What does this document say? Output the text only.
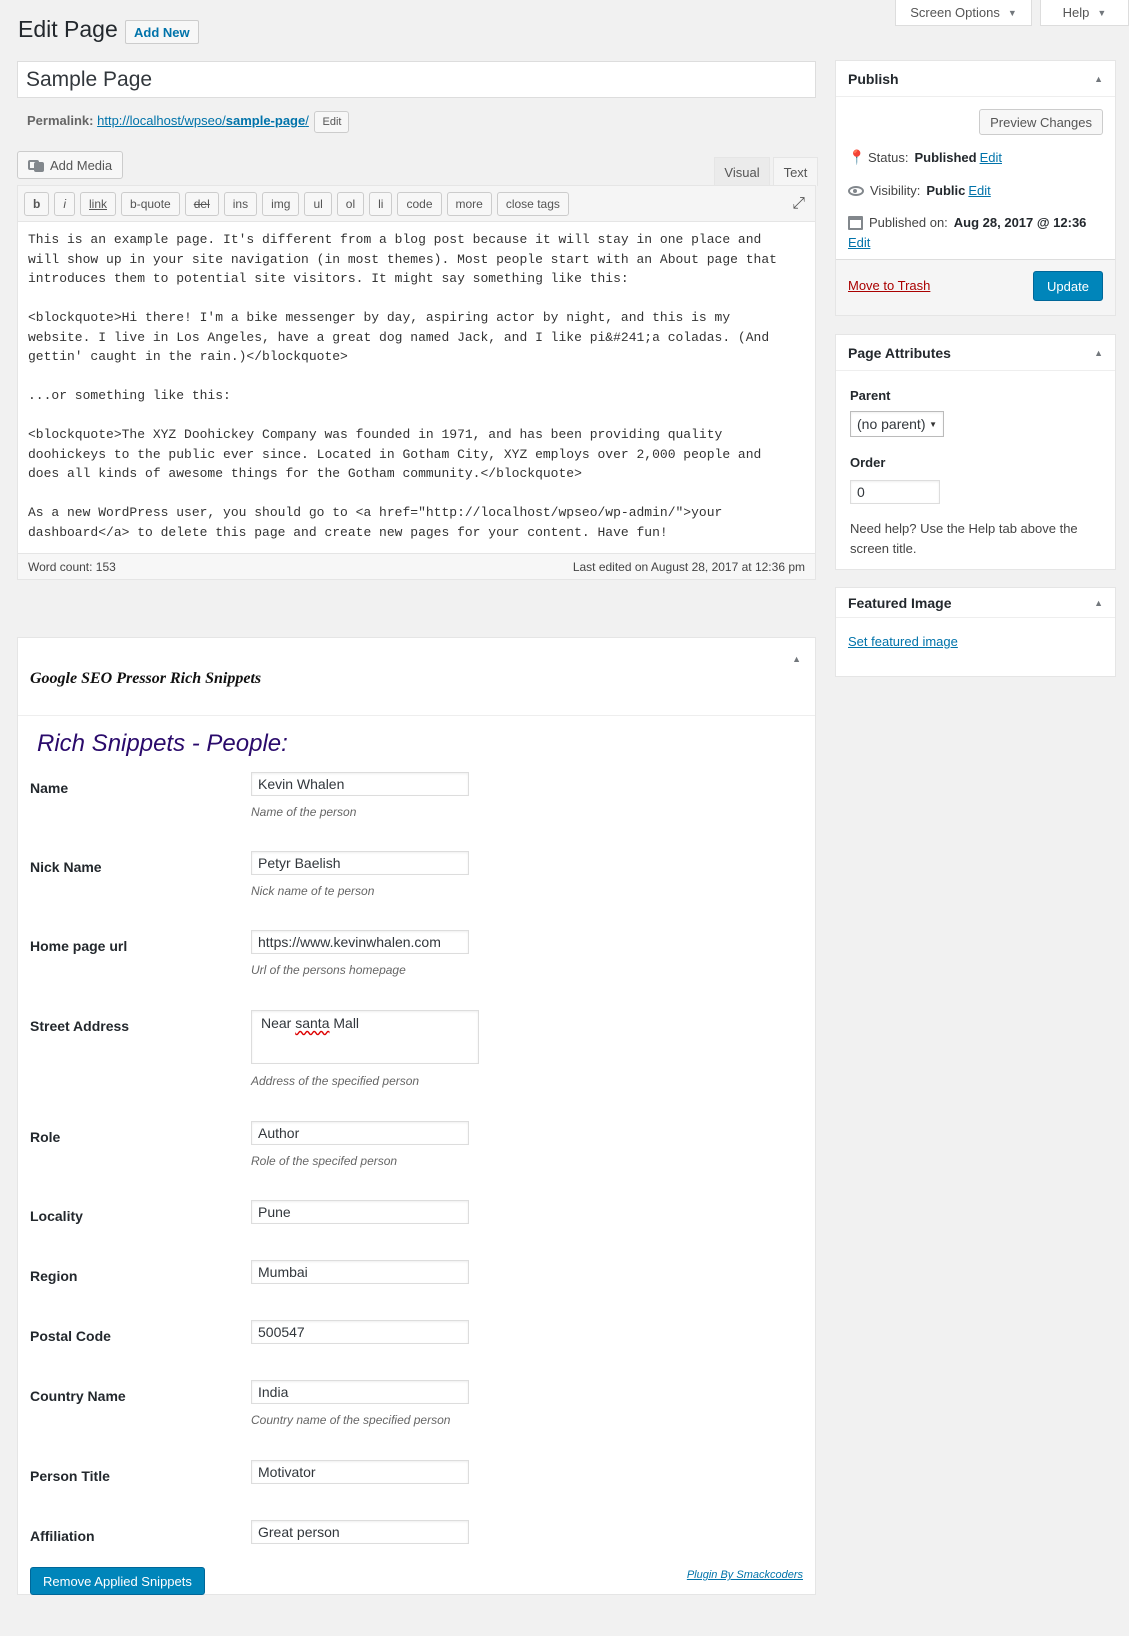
Screen Options ▼	Help ▼
Edit Page	Add New
Sample Page
Permalink: http://localhost/wpseo/sample-page/ Edit
Add Media	Visual	Text
b	i	link	b-quote	del	ins	img	ul	ol	li	code	more	close tags	⤢
This is an example page. It's different from a blog post because it will stay in one place and
will show up in your site navigation (in most themes). Most people start with an About page that
introduces them to potential site visitors. It might say something like this:

<blockquote>Hi there! I'm a bike messenger by day, aspiring actor by night, and this is my
website. I live in Los Angeles, have a great dog named Jack, and I like pi&#241;a coladas. (And
gettin' caught in the rain.)</blockquote>

...or something like this:

<blockquote>The XYZ Doohickey Company was founded in 1971, and has been providing quality
doohickeys to the public ever since. Located in Gotham City, XYZ employs over 2,000 people and
does all kinds of awesome things for the Gotham community.</blockquote>

As a new WordPress user, you should go to <a href="http://localhost/wpseo/wp-admin/">your
dashboard</a> to delete this page and create new pages for your content. Have fun!
Word count: 153	Last edited on August 28, 2017 at 12:36 pm
Publish	▲
Preview Changes
📍 Status: Published Edit
Visibility: Public Edit
Published on: Aug 28, 2017 @ 12:36
Edit
Move to Trash	Update
Page Attributes	▲
Parent
(no parent) ▼
Order
0
Need help? Use the Help tab above the screen title.
Featured Image	▲
Set featured image
Google SEO Pressor Rich Snippets
▲
Rich Snippets - People:
Name	Kevin Whalen
Name of the person
Nick Name	Petyr Baelish
Nick name of te person
Home page url	https://www.kevinwhalen.com
Url of the persons homepage
Street Address	Near santa Mall
Address of the specified person
Role	Author
Role of the specifed person
Locality	Pune
Region	Mumbai
Postal Code	500547
Country Name	India
Country name of the specified person
Person Title	Motivator
Affiliation	Great person
Remove Applied Snippets	Plugin By Smackcoders
